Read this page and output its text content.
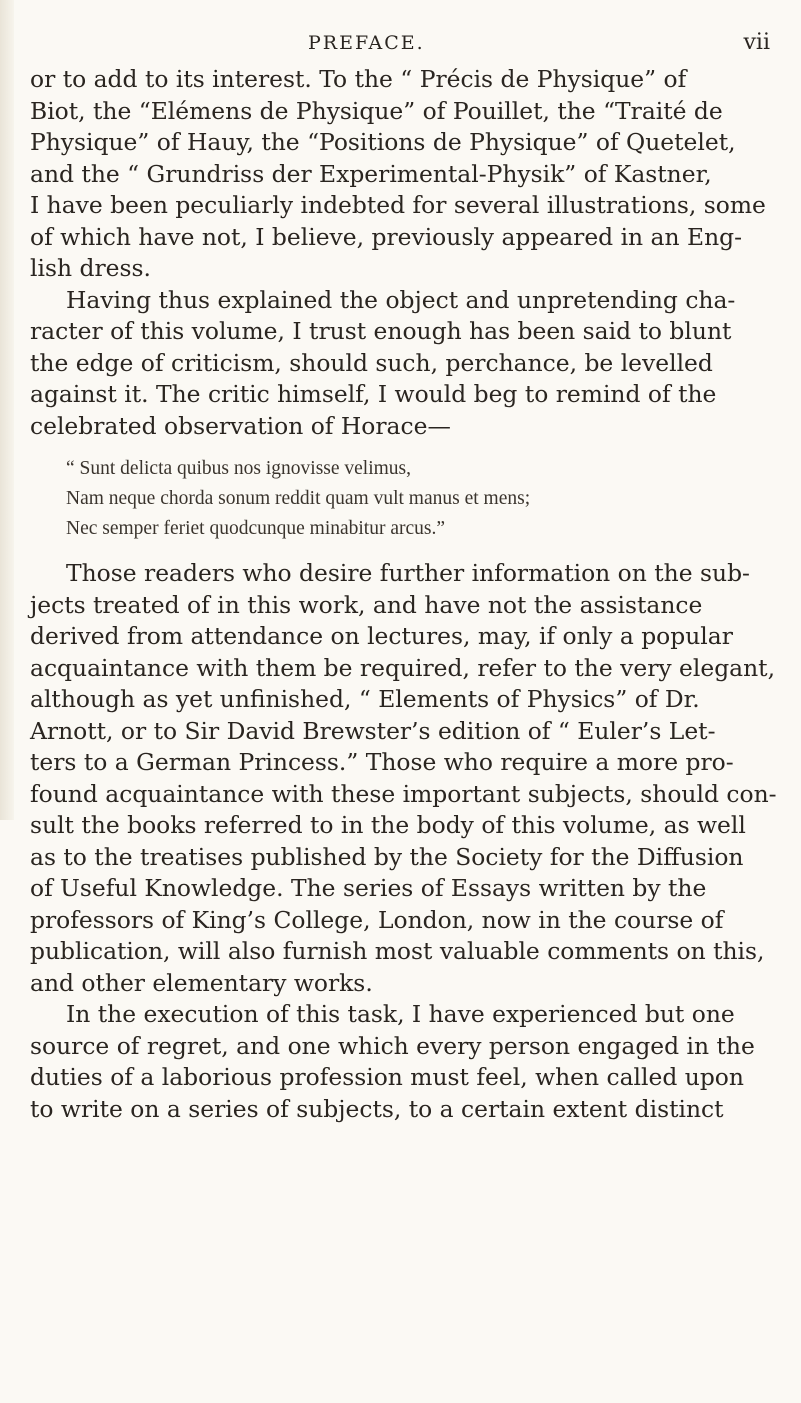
PREFACE.	vii

or to add to its interest. To the “ Précis de Physique” of
Biot, the “Elémens de Physique” of Pouillet, the “Traité de
Physique” of Hauy, the “Positions de Physique” of Quetelet,
and the “ Grundriss der Experimental-Physik” of Kastner,
I have been peculiarly indebted for several illustrations, some
of which have not, I believe, previously appeared in an Eng-
lish dress.

Having thus explained the object and unpretending cha-
racter of this volume, I trust enough has been said to blunt
the edge of criticism, should such, perchance, be levelled
against it. The critic himself, I would beg to remind of the
celebrated observation of Horace—

“ Sunt delicta quibus nos ignovisse velimus,
Nam neque chorda sonum reddit quam vult manus et mens;
Nec semper feriet quodcunque minabitur arcus.”

Those readers who desire further information on the sub-
jects treated of in this work, and have not the assistance
derived from attendance on lectures, may, if only a popular
acquaintance with them be required, refer to the very elegant,
although as yet unfinished, “ Elements of Physics” of Dr.
Arnott, or to Sir David Brewster’s edition of “ Euler’s Let-
ters to a German Princess.” Those who require a more pro-
found acquaintance with these important subjects, should con-
sult the books referred to in the body of this volume, as well
as to the treatises published by the Society for the Diffusion
of Useful Knowledge. The series of Essays written by the
professors of King’s College, London, now in the course of
publication, will also furnish most valuable comments on this,
and other elementary works.

In the execution of this task, I have experienced but one
source of regret, and one which every person engaged in the
duties of a laborious profession must feel, when called upon
to write on a series of subjects, to a certain extent distinct
